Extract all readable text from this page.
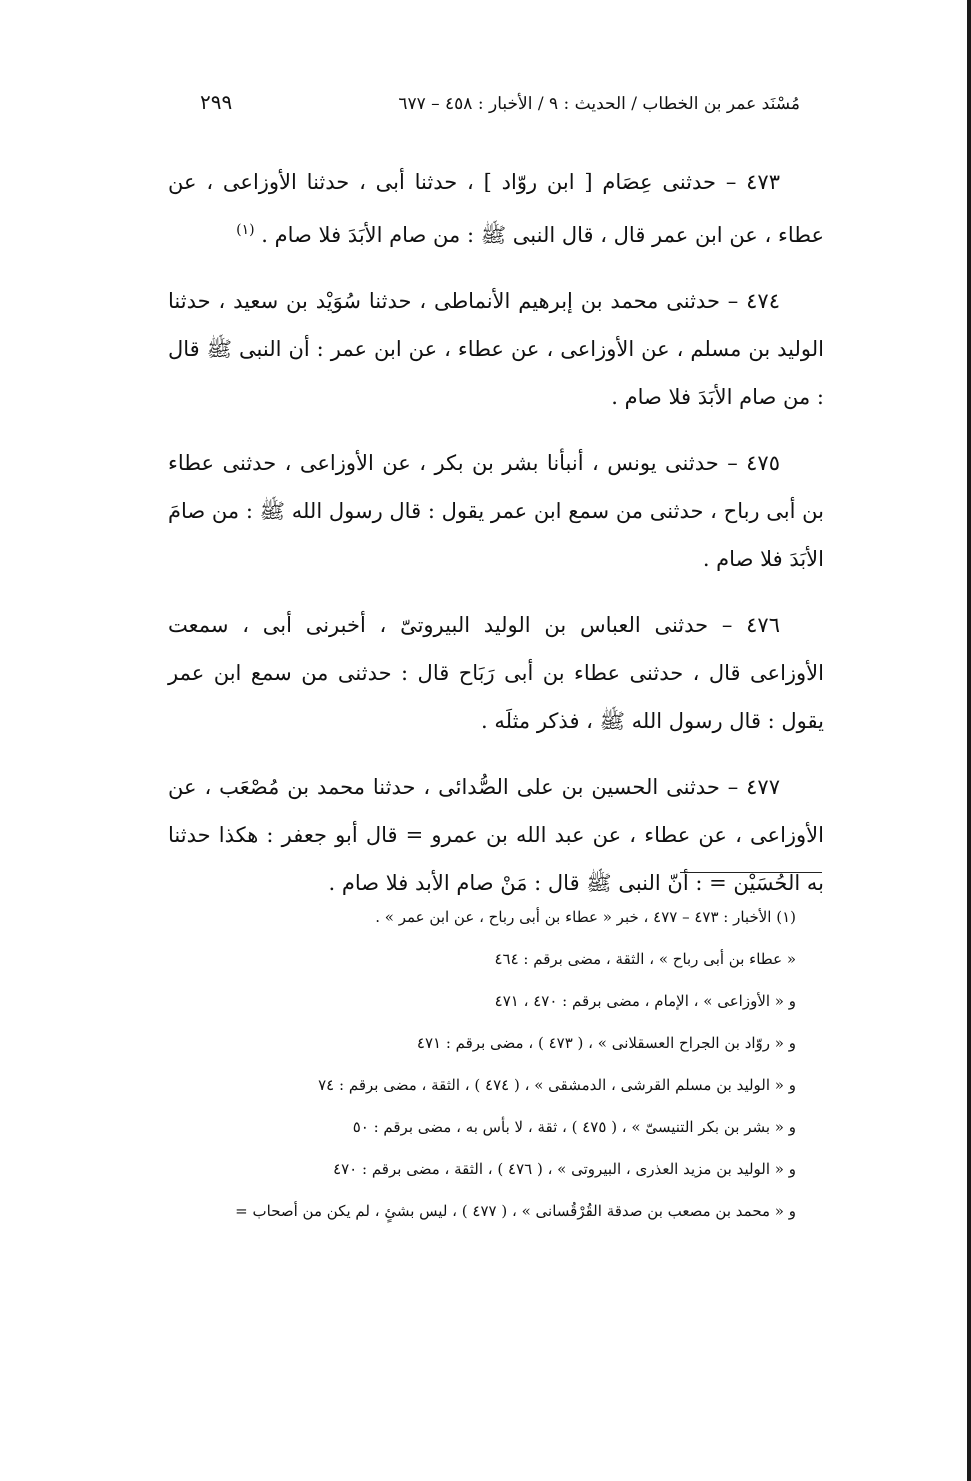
مُسْنَد عمر بن الخطاب / الحديث : ٩ / الأخبار : ٤٥٨ – ٦٧٧
٢٩٩

٤٧٣ – حدثنى عِصَام [ ابن روّاد ] ، حدثنا أبى ، حدثنا الأوزاعى ، عن عطاء ، عن ابن عمر قال ، قال النبى ﷺ : من صام الأبَدَ فلا صام . $^{(١)}$

٤٧٤ – حدثنى محمد بن إبرهيم الأنماطى ، حدثنا سُوَيْد بن سعيد ، حدثنا الوليد بن مسلم ، عن الأوزاعى ، عن عطاء ، عن ابن عمر : أن النبى ﷺ قال : من صام الأبَدَ فلا صام .

٤٧٥ – حدثنى يونس ، أنبأنا بشر بن بكر ، عن الأوزاعى ، حدثنى عطاء بن أبى رباح ، حدثنى من سمع ابن عمر يقول : قال رسول الله ﷺ : من صامَ الأبَدَ فلا صام .

٤٧٦ – حدثنى العباس بن الوليد البيروتىّ ، أخبرنى أبى ، سمعت الأوزاعى قال ، حدثنى عطاء بن أبى رَبَاح قال : حدثنى من سمع ابن عمر يقول : قال رسول الله ﷺ ، فذكر مثلَه .

٤٧٧ – حدثنى الحسين بن على الصُّدائى ، حدثنا محمد بن مُصْعَب ، عن الأوزاعى ، عن عطاء ، عن عبد الله بن عمرو = قال أبو جعفر : هكذا حدثنا به الحُسَيْن = : أنّ النبى ﷺ قال : مَنْ صام الأبد فلا صام .

(١) الأخبار : ٤٧٣ – ٤٧٧ ، خبر « عطاء بن أبى رباح ، عن ابن عمر » .

« عطاء بن أبى رباح » ، الثقة ، مضى برقم : ٤٦٤

و « الأوزاعى » ، الإمام ، مضى برقم : ٤٧٠ ، ٤٧١

و « روّاد بن الجراح العسقلانى » ، ( ٤٧٣ ) ، مضى برقم : ٤٧١

و « الوليد بن مسلم القرشى ، الدمشقى » ، ( ٤٧٤ ) ، الثقة ، مضى برقم : ٧٤

و « بشر بن بكر التنيسىّ » ، ( ٤٧٥ ) ، ثقة ، لا بأس به ، مضى برقم : ٥٠

و « الوليد بن مزيد العذرى ، البيروتى » ، ( ٤٧٦ ) ، الثقة ، مضى برقم : ٤٧٠

و « محمد بن مصعب بن صدقة القُرْقُسانى » ، ( ٤٧٧ ) ، ليس بشئٍ ، لم يكن من أصحاب =
